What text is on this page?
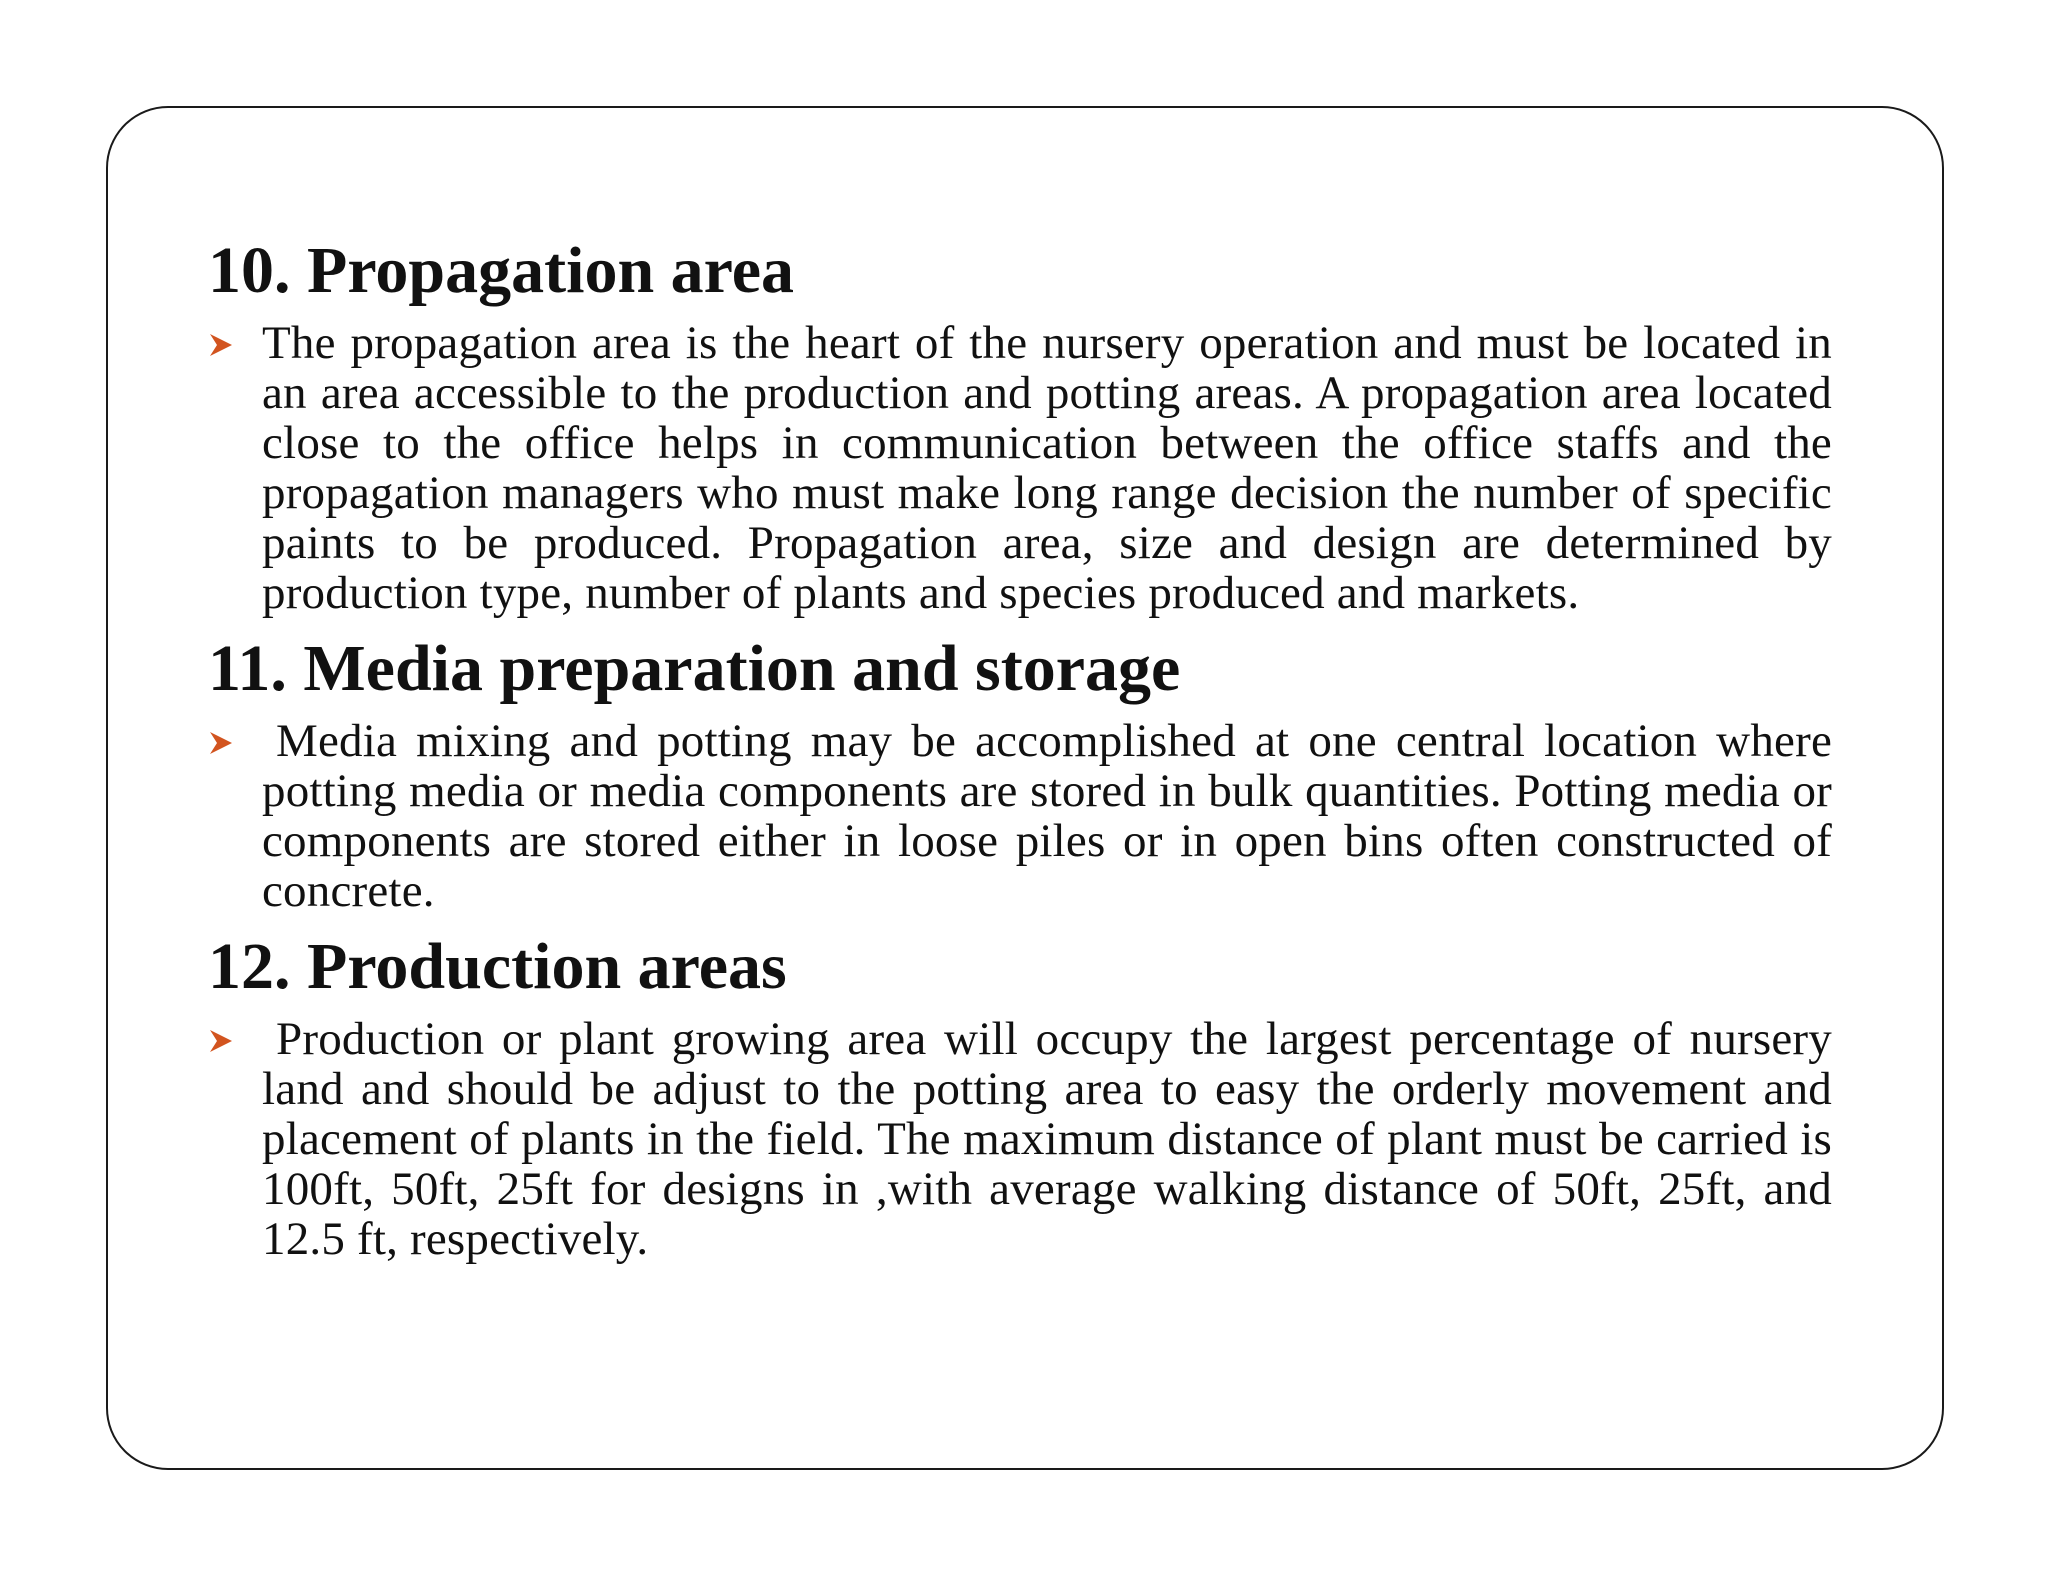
10. Propagation area

The propagation area is the heart of the nursery operation and must be located in an area accessible to the production and potting areas. A propagation area located close to the office helps in communication between the office staffs and the propagation managers who must make long range decision the number of specific paints to be produced. Propagation area, size and design are determined by production type, number of plants and species produced and markets.

11. Media preparation and storage

Media mixing and potting may be accomplished at one central location where potting media or media components are stored in bulk quantities. Potting media or components are stored either in loose piles or in open bins often constructed of concrete.

12. Production areas

Production or plant growing area will occupy the largest percentage of nursery land and should be adjust to the potting area to easy the orderly movement and placement of plants in the field. The maximum distance of plant must be carried is 100ft, 50ft, 25ft for designs in ,with average walking distance of 50ft, 25ft, and 12.5 ft, respectively.
